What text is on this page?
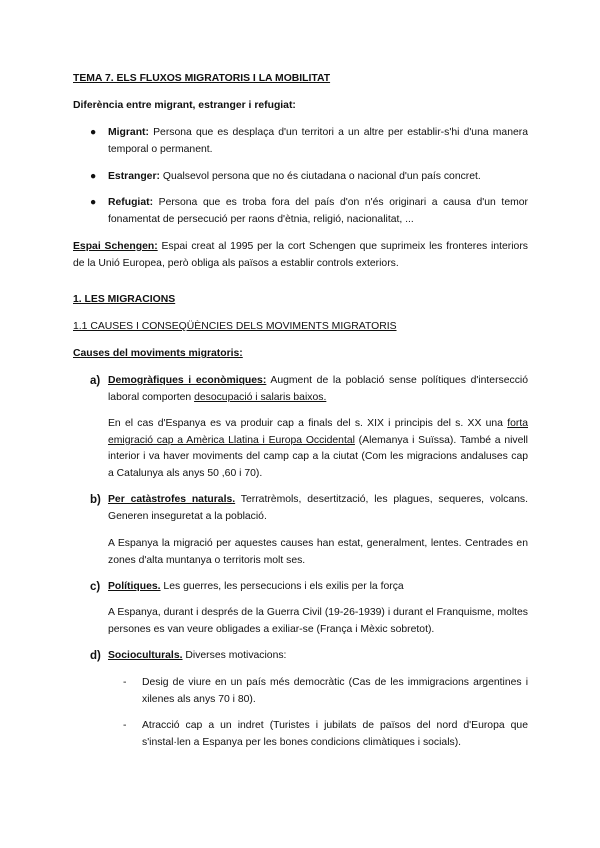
TEMA 7. ELS FLUXOS MIGRATORIS I LA MOBILITAT
Diferència entre migrant, estranger i refugiat:
● Migrant: Persona que es desplaça d'un territori a un altre per establir-s'hi d'una manera temporal o permanent.
● Estranger: Qualsevol persona que no és ciutadana o nacional d'un país concret.
● Refugiat: Persona que es troba fora del país d'on n'és originari a causa d'un temor fonamentat de persecució per raons d'ètnia, religió, nacionalitat, ...
Espai Schengen: Espai creat al 1995 per la cort Schengen que suprimeix les fronteres interiors de la Unió Europea, però obliga als països a establir controls exteriors.
1. LES MIGRACIONS
1.1 CAUSES I CONSEQÜÈNCIES DELS MOVIMENTS MIGRATORIS
Causes del moviments migratoris:
a) Demogràfiques i econòmiques: Augment de la població sense polítiques d'intersecció laboral comporten desocupació i salaris baixos.
En el cas d'Espanya es va produir cap a finals del s. XIX i principis del s. XX una forta emigració cap a Amèrica Llatina i Europa Occidental (Alemanya i Suïssa). També a nivell interior i va haver moviments del camp cap a la ciutat (Com les migracions andaluses cap a Catalunya als anys 50 ,60 i 70).
b) Per catàstrofes naturals. Terratrèmols, desertització, les plagues, sequeres, volcans. Generen inseguretat a la població.
A Espanya la migració per aquestes causes han estat, generalment, lentes. Centrades en zones d'alta muntanya o territoris molt ses.
c) Polítiques. Les guerres, les persecucions i els exilis per la força
A Espanya, durant i després de la Guerra Civil (19-26-1939) i durant el Franquisme, moltes persones es van veure obligades a exiliar-se (França i Mèxic sobretot).
d) Socioculturals. Diverses motivacions:
- Desig de viure en un país més democràtic (Cas de les immigracions argentines i xilenes als anys 70 i 80).
- Atracció cap a un indret (Turistes i jubilats de països del nord d'Europa que s'instal·len a Espanya per les bones condicions climàtiques i socials).
